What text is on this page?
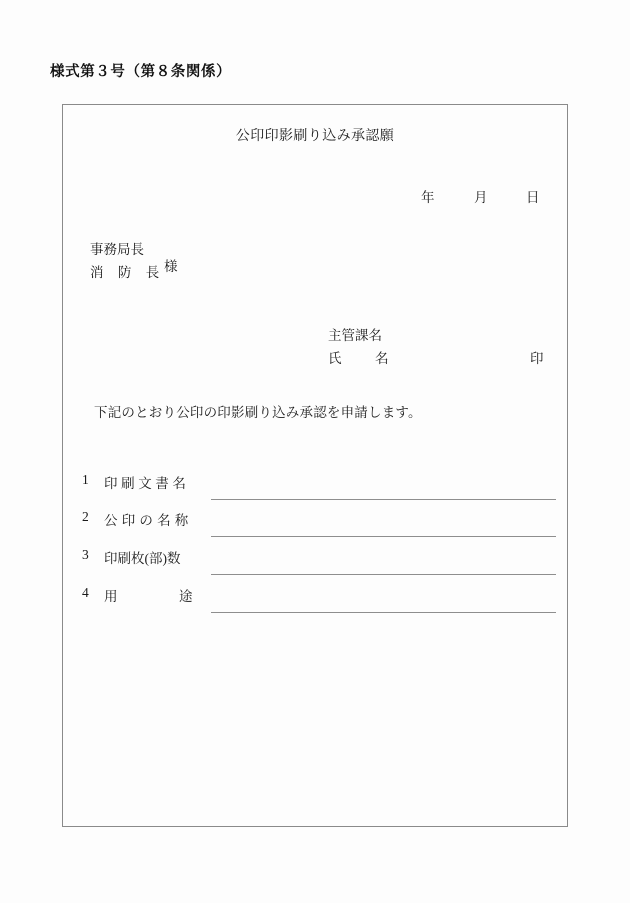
様式第３号（第８条関係）
公印印影刷り込み承認願
年	月	日
事務局長
消 防 長 様
主管課名
氏　名	印
下記のとおり公印の印影刷り込み承認を申請します。
1 印刷文書名
2 公印の名称
3 印刷枚(部)数
4 用　途
